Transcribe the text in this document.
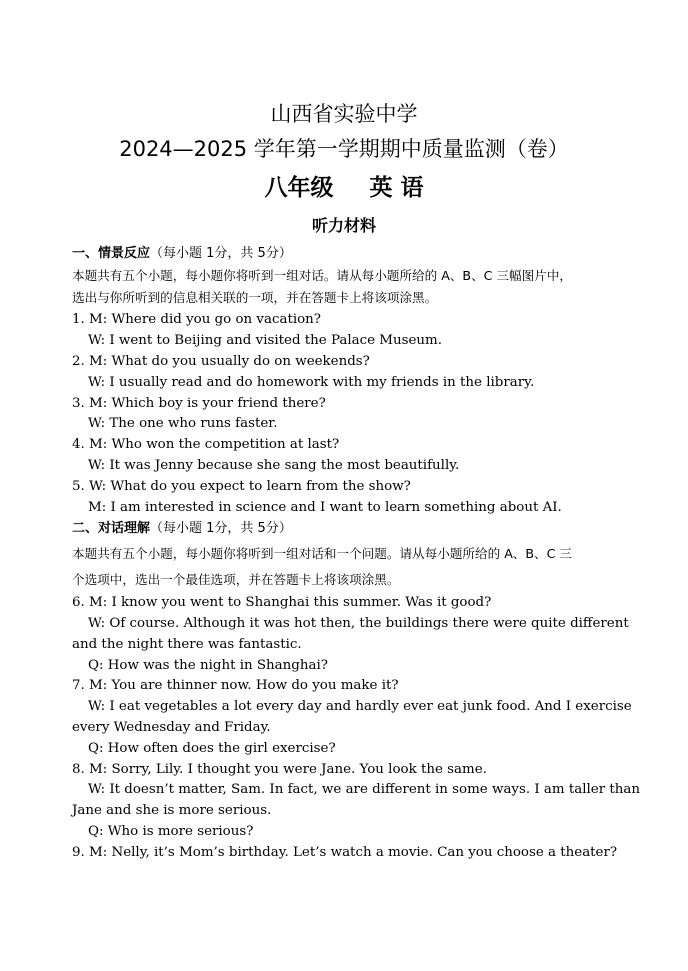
山西省实验中学
2024—2025 学年第一学期期中质量监测（卷）
八年级 英 语
听力材料
一、情景反应（每小题 1分，共 5分）
本题共有五个小题，每小题你将听到一组对话。请从每小题所给的 A、B、C 三幅图片中，
选出与你所听到的信息相关联的一项，并在答题卡上将该项涂黑。
1. M: Where did you go on vacation?
W: I went to Beijing and visited the Palace Museum.
2. M: What do you usually do on weekends?
W: I usually read and do homework with my friends in the library.
3. M: Which boy is your friend there?
W: The one who runs faster.
4. M: Who won the competition at last?
W: It was Jenny because she sang the most beautifully.
5. W: What do you expect to learn from the show?
M: I am interested in science and I want to learn something about AI.
二、对话理解（每小题 1分，共 5分）
本题共有五个小题，每小题你将听到一组对话和一个问题。请从每小题所给的 A、B、C 三
个选项中，选出一个最佳选项，并在答题卡上将该项涂黑。
6. M: I know you went to Shanghai this summer. Was it good?
W: Of course. Although it was hot then, the buildings there were quite different
and the night there was fantastic.
Q: How was the night in Shanghai?
7. M: You are thinner now. How do you make it?
W: I eat vegetables a lot every day and hardly ever eat junk food. And I exercise
every Wednesday and Friday.
Q: How often does the girl exercise?
8. M: Sorry, Lily. I thought you were Jane. You look the same.
W: It doesn’t matter, Sam. In fact, we are different in some ways. I am taller than
Jane and she is more serious.
Q: Who is more serious?
9. M: Nelly, it’s Mom’s birthday. Let’s watch a movie. Can you choose a theater?
